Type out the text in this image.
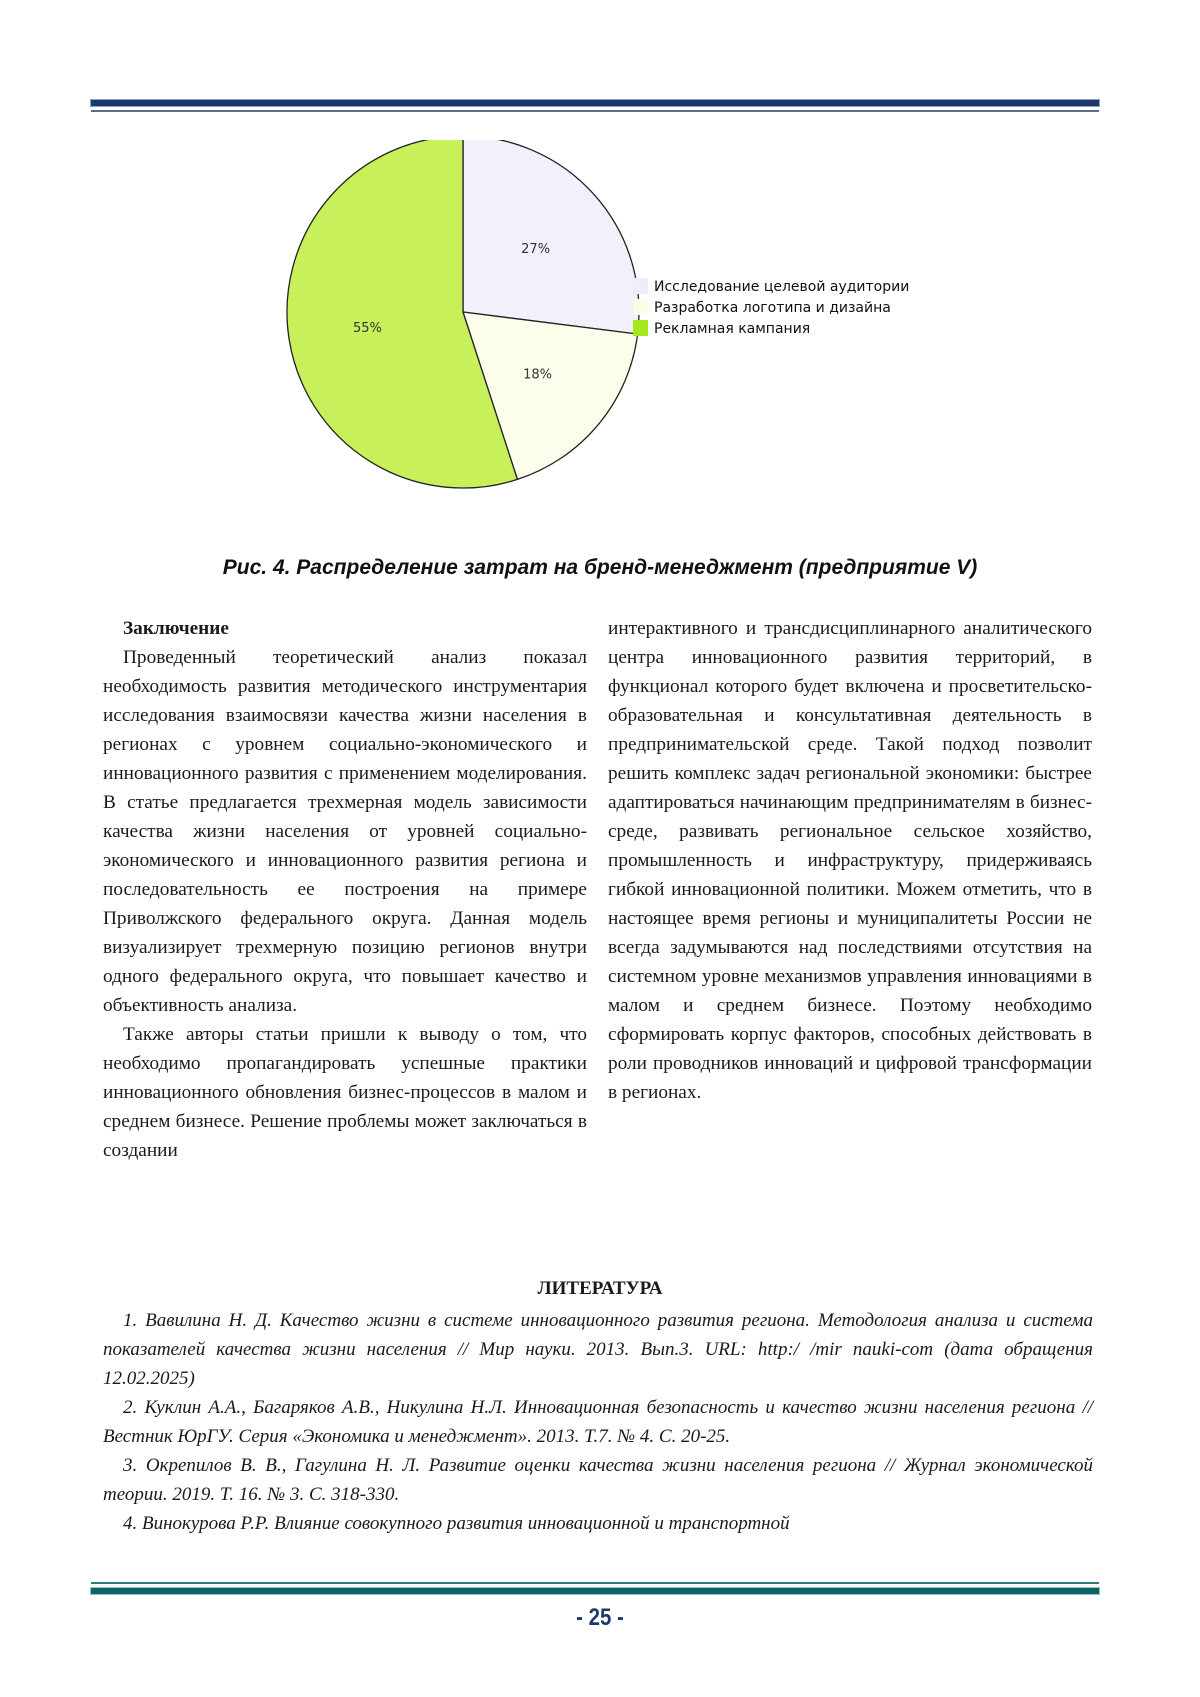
27%
18%
55%
Исследование целевой аудитории
Разработка логотипа и дизайна
Рекламная кампания
Рис. 4. Распределение затрат на бренд-менеджмент (предприятие V)
Заключение

Проведенный теоретический анализ показал необходимость развития методического инструментария исследования взаимосвязи качества жизни населения в регионах с уровнем социально-экономического и инновационного развития с применением моделирования. В статье предлагается трехмерная модель зависимости качества жизни населения от уровней социально-экономического и инновационного развития региона и последовательность ее построения на примере Приволжского федерального округа. Данная модель визуализирует трехмерную позицию регионов внутри одного федерального округа, что повышает качество и объективность анализа.

Также авторы статьи пришли к выводу о том, что необходимо пропагандировать успешные практики инновационного обновления бизнес-процессов в малом и среднем бизнесе. Решение проблемы может заключаться в создании

интерактивного и трансдисциплинарного аналитического центра инновационного развития территорий, в функционал которого будет включена и просветительско-образовательная и консультативная деятельность в предпринимательской среде. Такой подход позволит решить комплекс задач региональной экономики: быстрее адаптироваться начинающим предпринимателям в бизнес-среде, развивать региональное сельское хозяйство, промышленность и инфраструктуру, придерживаясь гибкой инновационной политики. Можем отметить, что в настоящее время регионы и муниципалитеты России не всегда задумываются над последствиями отсутствия на системном уровне механизмов управления инновациями в малом и среднем бизнесе. Поэтому необходимо сформировать корпус факторов, способных действовать в роли проводников инноваций и цифровой трансформации в регионах.

ЛИТЕРАТУРА

1. Вавилина Н. Д. Качество жизни в системе инновационного развития региона. Методология анализа и система показателей качества жизни населения // Мир науки. 2013. Вып.3. URL: http:/ /mir nauki-com (дата обращения 12.02.2025)

2. Куклин А.А., Багаряков А.В., Никулина Н.Л. Инновационная безопасность и качество жизни населения региона // Вестник ЮрГУ. Серия «Экономика и менеджмент». 2013. Т.7. № 4. С. 20-25.

3. Окрепилов В. В., Гагулина Н. Л. Развитие оценки качества жизни населения региона // Журнал экономической теории. 2019. Т. 16. № 3. С. 318-330.

4. Винокурова Р.Р. Влияние совокупного развития инновационной и транспортной

- 25 -
